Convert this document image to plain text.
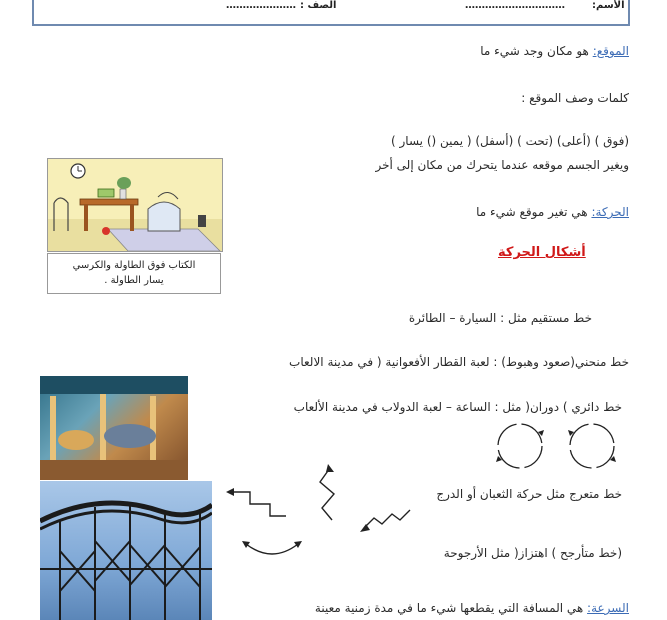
الأسم:
…………………………
الصف :
…………………
الموقع: هو مكان وجد شيء ما
كلمات وصف الموقع :
(فوق ) (أعلى) (تحت ) (أسفل) ( يمين () يسار )
ويغير الجسم موقعه عندما يتحرك من مكان إلى أخر
الحركة: هي تغير موقع شيء ما
أشكال الحركة
الكتاب فوق الطاولة والكرسي
يسار الطاولة .
خط مستقيم مثل : السيارة – الطائرة
خط منحني(صعود وهبوط) : لعبة القطار الأفعوانية ( في مدينة الالعاب
خط دائري ) دوران( مثل : الساعة – لعبة الدولاب في مدينة الألعاب
خط متعرج مثل حركة الثعبان أو الدرج
(خط متأرجح ) اهتزاز( مثل الأرجوحة
السرعة: هي المسافة التي يقطعها شيء ما في مدة زمنية معينة
